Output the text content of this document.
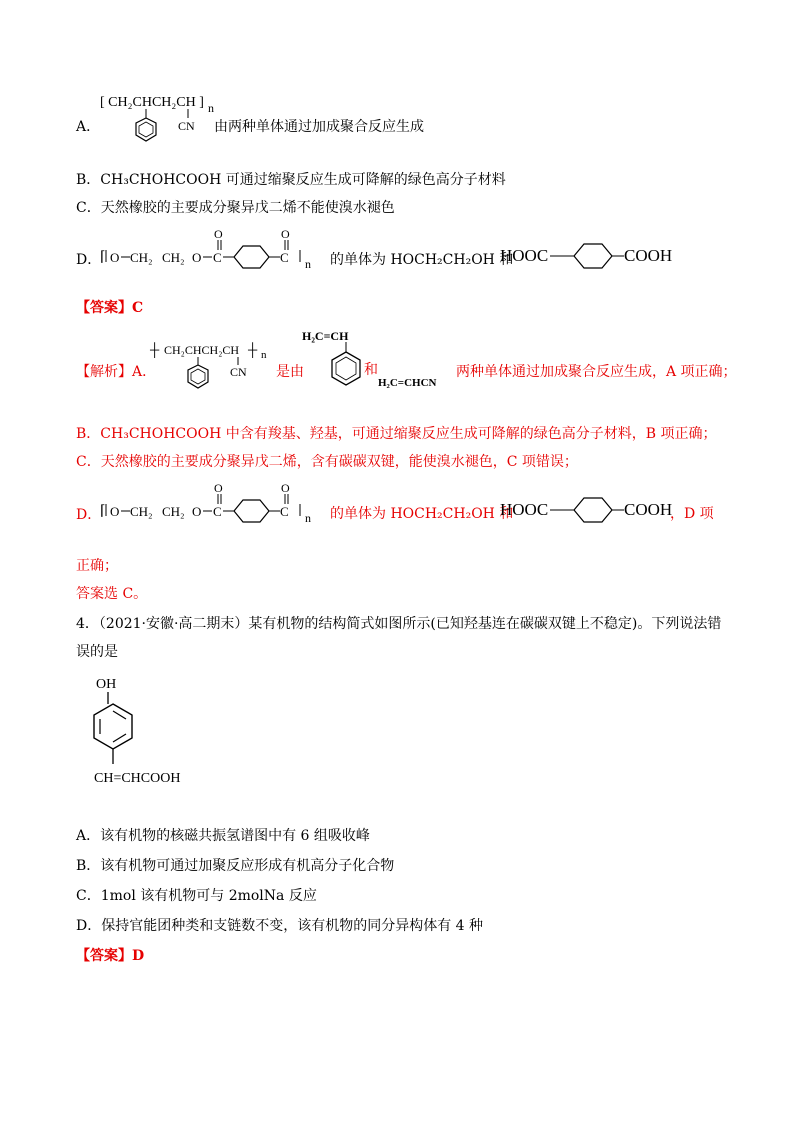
[ CH₂CHCH₂CH ] n
CN
A．	由两种单体通过加成聚合反应生成
B．CH₃CHOHCOOH 可通过缩聚反应生成可降解的绿色高分子材料
C．天然橡胶的主要成分聚异戊二烯不能使溴水褪色
D．
⌈ O CH₂ CH₂ O C
O
C
O
n 的单体为 HOCH₂CH₂OH 和
HOOC	COOH
【答案】C
【解析】A．
┼ CH₂CHCH₂CH ┼ n
CN 是由
H₂C=CH
和
H₂C=CHCN
两种单体通过加成聚合反应生成，A 项正确；
B．CH₃CHOHCOOH 中含有羧基、羟基，可通过缩聚反应生成可降解的绿色高分子材料，B 项正确；
C．天然橡胶的主要成分聚异戊二烯，含有碳碳双键，能使溴水褪色，C 项错误；
D．
⌈ O CH₂ CH₂ O C
O
C
O
n 的单体为 HOCH₂CH₂OH 和
HOOC	COOH
，D 项
正确；
答案选 C。
4．（2021·安徽·高二期末）某有机物的结构简式如图所示(已知羟基连在碳碳双键上不稳定)。下列说法错
误的是
OH
CH=CHCOOH
A．该有机物的核磁共振氢谱图中有 6 组吸收峰
B．该有机物可通过加聚反应形成有机高分子化合物
C．1mol 该有机物可与 2molNa 反应
D．保持官能团种类和支链数不变，该有机物的同分异构体有 4 种
【答案】D
